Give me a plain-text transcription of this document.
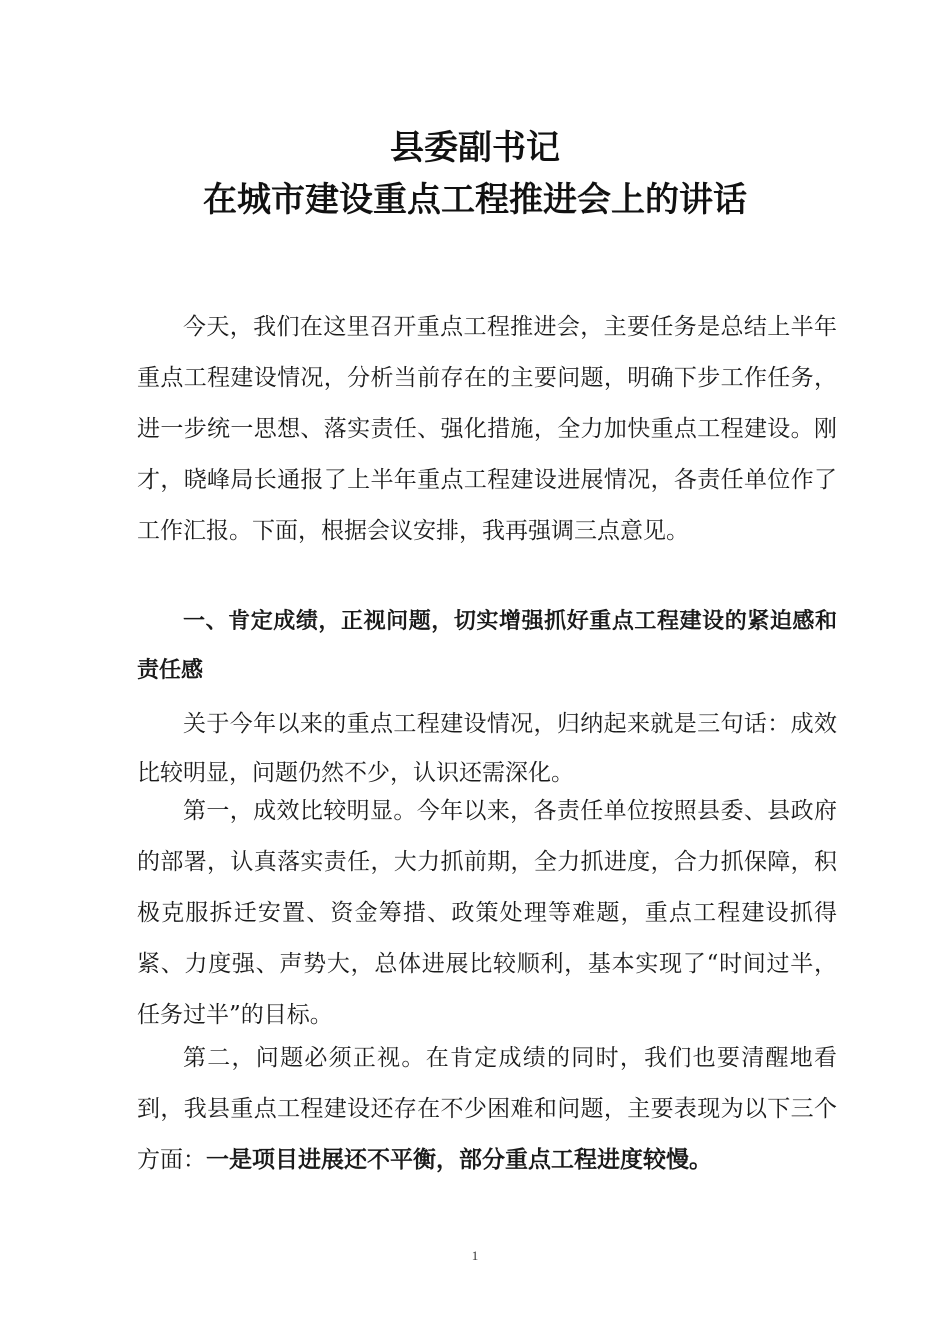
县委副书记
在城市建设重点工程推进会上的讲话

今天，我们在这里召开重点工程推进会，主要任务是总结上半年重点工程建设情况，分析当前存在的主要问题，明确下步工作任务，进一步统一思想、落实责任、强化措施，全力加快重点工程建设。刚才，晓峰局长通报了上半年重点工程建设进展情况，各责任单位作了工作汇报。下面，根据会议安排，我再强调三点意见。

一、肯定成绩，正视问题，切实增强抓好重点工程建设的紧迫感和责任感

关于今年以来的重点工程建设情况，归纳起来就是三句话：成效比较明显，问题仍然不少，认识还需深化。

第一，成效比较明显。今年以来，各责任单位按照县委、县政府的部署，认真落实责任，大力抓前期，全力抓进度，合力抓保障，积极克服拆迁安置、资金筹措、政策处理等难题，重点工程建设抓得紧、力度强、声势大，总体进展比较顺利，基本实现了“时间过半，任务过半”的目标。

第二，问题必须正视。在肯定成绩的同时，我们也要清醒地看到，我县重点工程建设还存在不少困难和问题，主要表现为以下三个方面：一是项目进展还不平衡，部分重点工程进度较慢。

1
